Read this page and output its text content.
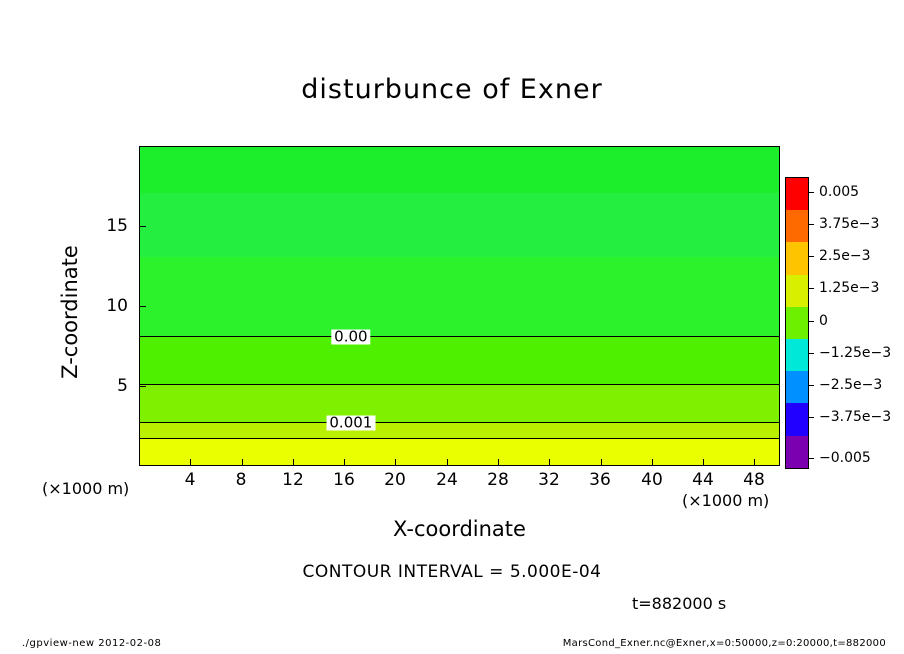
disturbunce of Exner
0.00
0.001
4 8 12 16 20 24 28 32 36 40 44 48
5
10
15
Z-coordinate
X-coordinate
(×1000 m)
(×1000 m)
CONTOUR INTERVAL = 5.000E-04
t=882000 s
./gpview-new 2012-02-08	MarsCond_Exner.nc@Exner,x=0:50000,z=0:20000,t=882000
0.005
3.75e−3
2.5e−3
1.25e−3
0
−1.25e−3
−2.5e−3
−3.75e−3
−0.005
